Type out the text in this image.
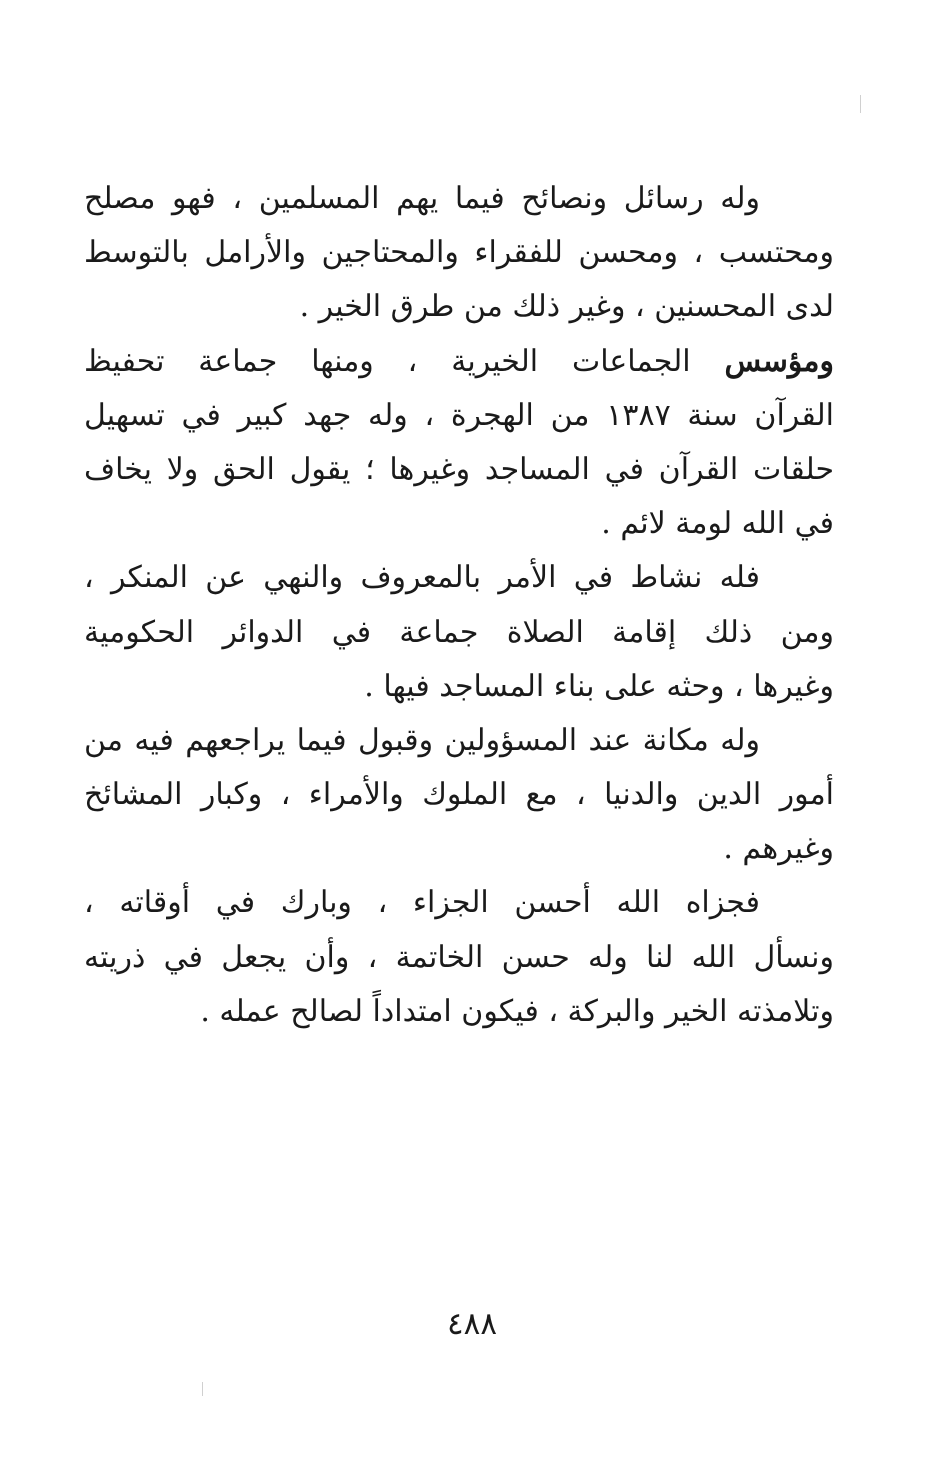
وله رسائل ونصائح فيما يهم المسلمين ، فهو مصلح
ومحتسب ، ومحسن للفقراء والمحتاجين والأرامل بالتوسط
لدى المحسنين ، وغير ذلك من طرق الخير .
ومؤسس الجماعات الخيرية ، ومنها جماعة تحفيظ
القرآن سنة ١٣٨٧ من الهجرة ، وله جهد كبير في تسهيل
حلقات القرآن في المساجد وغيرها ؛ يقول الحق ولا يخاف
في الله لومة لائم .
فله نشاط في الأمر بالمعروف والنهي عن المنكر ،
ومن ذلك إقامة الصلاة جماعة في الدوائر الحكومية
وغيرها ، وحثه على بناء المساجد فيها .
وله مكانة عند المسؤولين وقبول فيما يراجعهم فيه من
أمور الدين والدنيا ، مع الملوك والأمراء ، وكبار المشائخ
وغيرهم .
فجزاه الله أحسن الجزاء ، وبارك في أوقاته ،
ونسأل الله لنا وله حسن الخاتمة ، وأن يجعل في ذريته
وتلامذته الخير والبركة ، فيكون امتداداً لصالح عمله .
٤٨٨
